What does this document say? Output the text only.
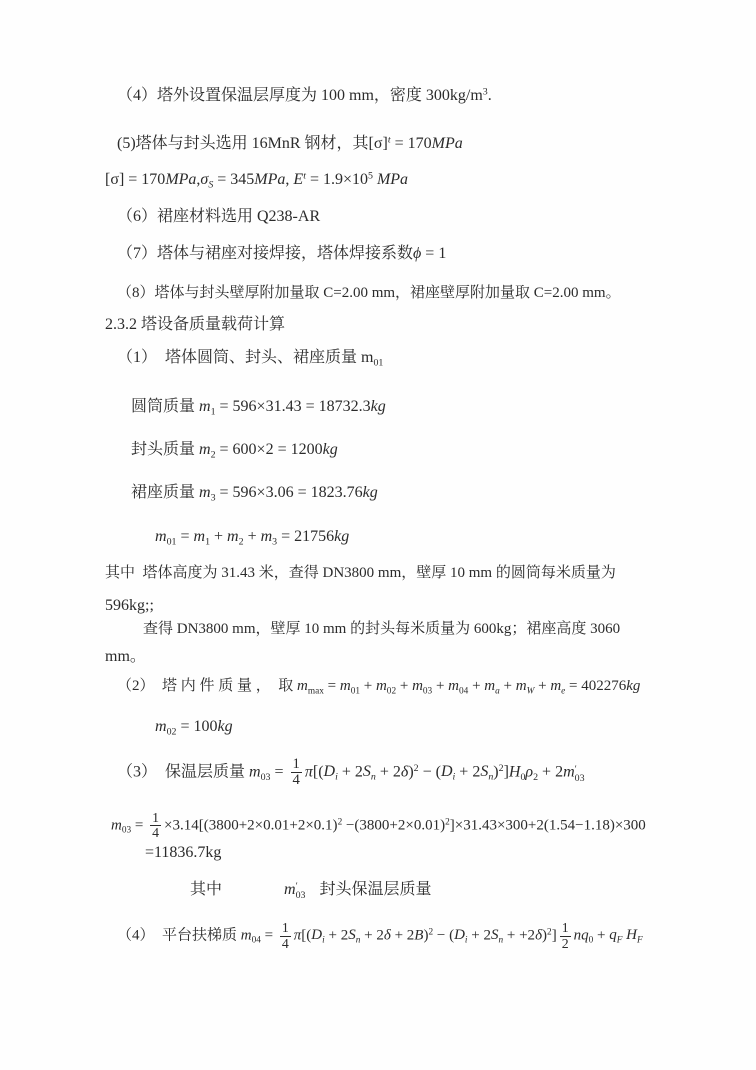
（4）塔外设置保温层厚度为 100 mm，密度 $300kg/m^3$.

(5)塔体与封头选用 16MnR 钢材，其$[\sigma]^t = 170MPa$

$[\sigma] = 170MPa,\sigma_S = 345MPa$, $E^t = 1.9\times 10^5$ MPa

（6）裙座材料选用 Q238-AR

（7）塔体与裙座对接焊接，塔体焊接系数ϕ = 1

（8）塔体与封头壁厚附加量取 C=2.00 mm，裙座壁厚附加量取 C=2.00 mm。

2.3.2 塔设备质量载荷计算

（1）  塔体圆筒、封头、裙座质量 $m_{01}$

圆筒质量 $m_1 = 596\times 31.43 = 18732.3kg$

封头质量 $m_2 = 600\times 2 = 1200kg$

裙座质量 $m_3 = 596\times 3.06 = 1823.76kg$

$m_{01} = m_1 + m_2 + m_3 = 21756kg$

其中  塔体高度为 31.43 米，查得 DN3800 mm，壁厚 10 mm 的圆筒每米质量为

596kg;;

查得 DN3800 mm，壁厚 10 mm 的封头每米质量为 600kg；裙座高度 3060

mm。

（2）  塔 内 件 质 量 ，  取 $m_{max} = m_{01} + m_{02} + m_{03} + m_{04} + m_a + m_W + m_e = 402276kg$

$m_{02} = 100kg$

（3）  保温层质量 $m_{03} = \frac{1}{4} \pi[(D_i + 2S_n + 2\delta)^2 - (D_i + 2S_n)^2]H_0\rho_2 + 2m$ ′
03

$m_{03} = \frac{1}{4} \times 3.14[(3800+2\times 0.01+2\times 0.1)^2 -(3800+2\times 0.01)^2]\times 31.43\times 300+2(1.54-1.18)\times 300$

=11836.7kg

其中	m ′
03 封头保温层质量

（4）  平台扶梯质 $m_{04} = \frac{1}{4} \pi[(D_i + 2S_n + 2\delta + 2B)^2 - (D_i + 2S_n + +2\delta)^2] \frac{1}{2} nq_0 + q_F$ $H_F$
